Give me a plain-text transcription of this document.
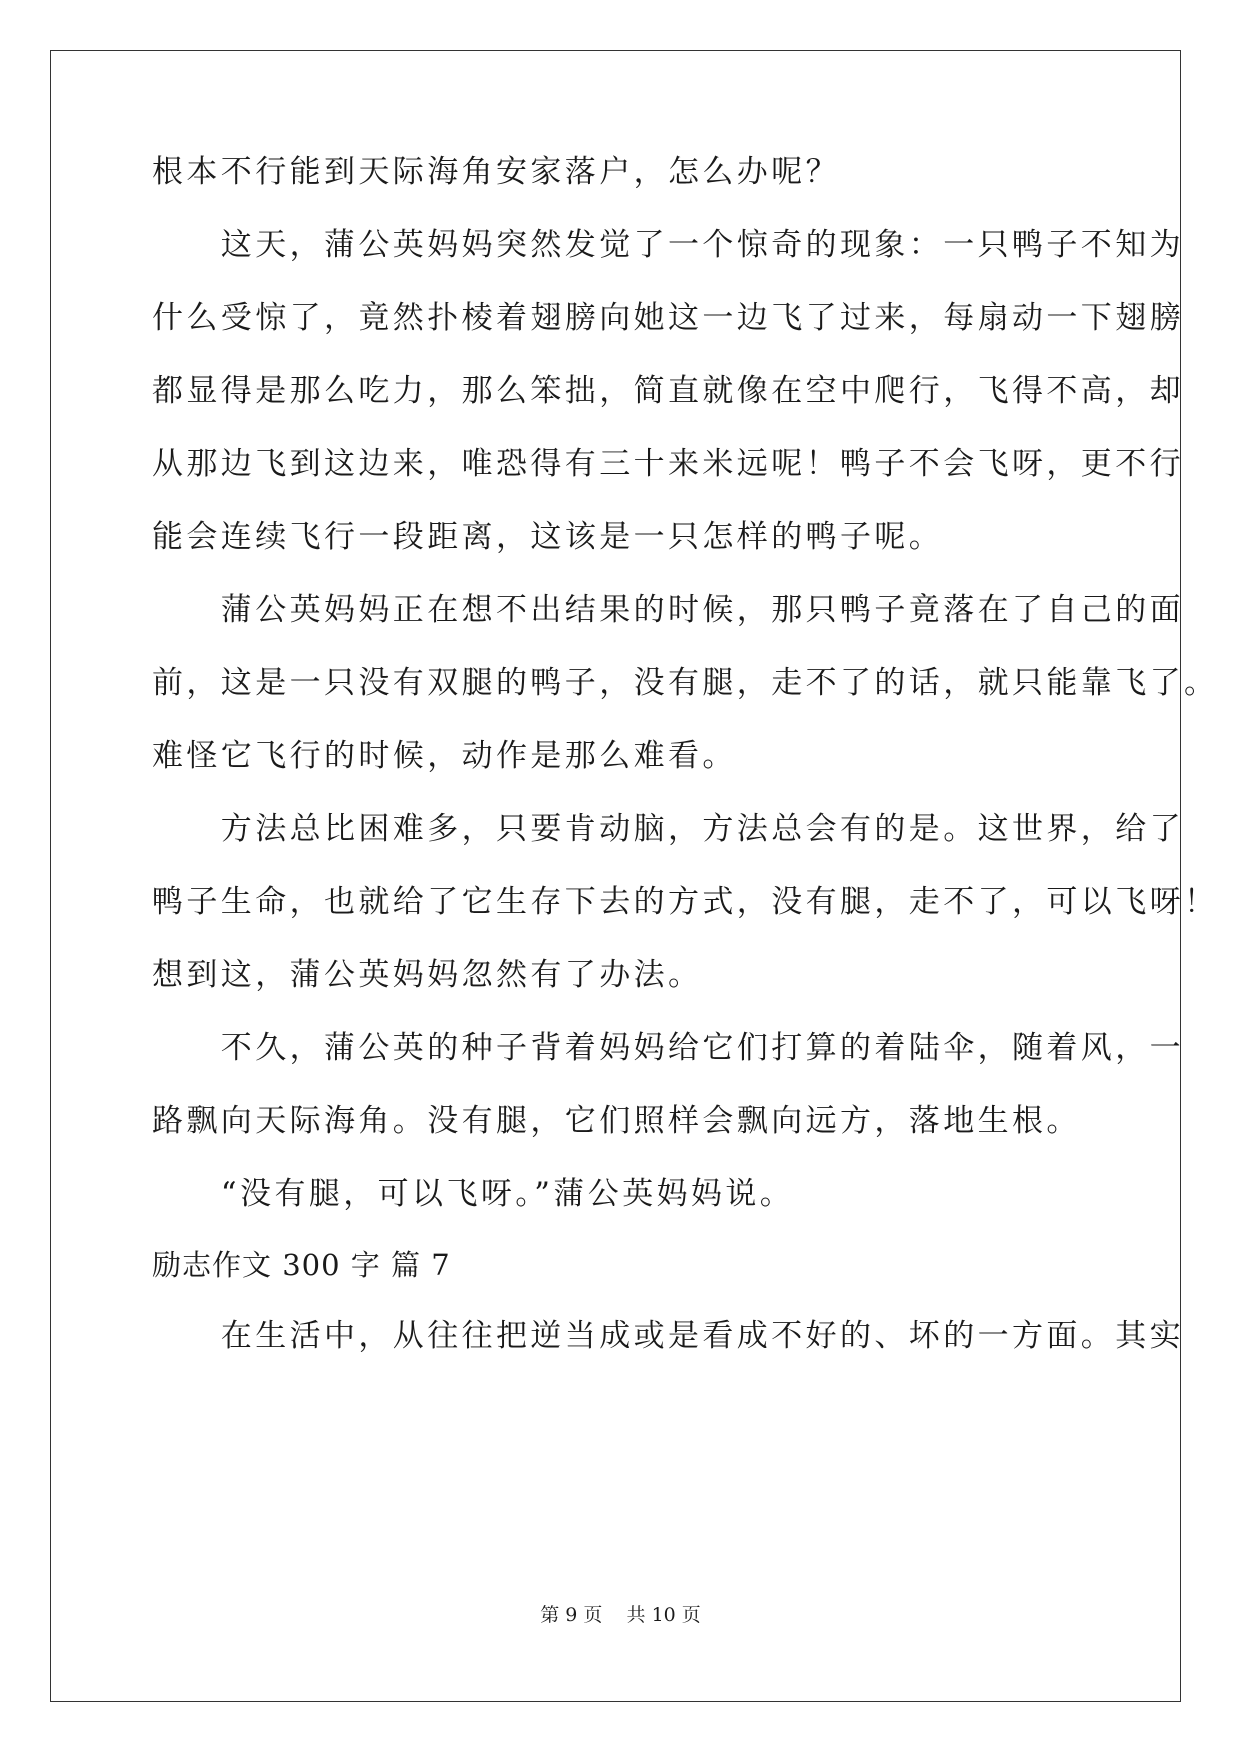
根本不行能到天际海角安家落户，怎么办呢？
　　这天，蒲公英妈妈突然发觉了一个惊奇的现象：一只鸭子不知为
什么受惊了，竟然扑棱着翅膀向她这一边飞了过来，每扇动一下翅膀
都显得是那么吃力，那么笨拙，简直就像在空中爬行，飞得不高，却
从那边飞到这边来，唯恐得有三十来米远呢！鸭子不会飞呀，更不行
能会连续飞行一段距离，这该是一只怎样的鸭子呢。
　　蒲公英妈妈正在想不出结果的时候，那只鸭子竟落在了自己的面
前，这是一只没有双腿的鸭子，没有腿，走不了的话，就只能靠飞了。
难怪它飞行的时候，动作是那么难看。
　　方法总比困难多，只要肯动脑，方法总会有的是。这世界，给了
鸭子生命，也就给了它生存下去的方式，没有腿，走不了，可以飞呀！
想到这，蒲公英妈妈忽然有了办法。
　　不久，蒲公英的种子背着妈妈给它们打算的着陆伞，随着风，一
路飘向天际海角。没有腿，它们照样会飘向远方，落地生根。
　　“没有腿，可以飞呀。”蒲公英妈妈说。
励志作文 300 字 篇 7
　　在生活中，从往往把逆当成或是看成不好的、坏的一方面。其实
第 9 页    共 10 页
